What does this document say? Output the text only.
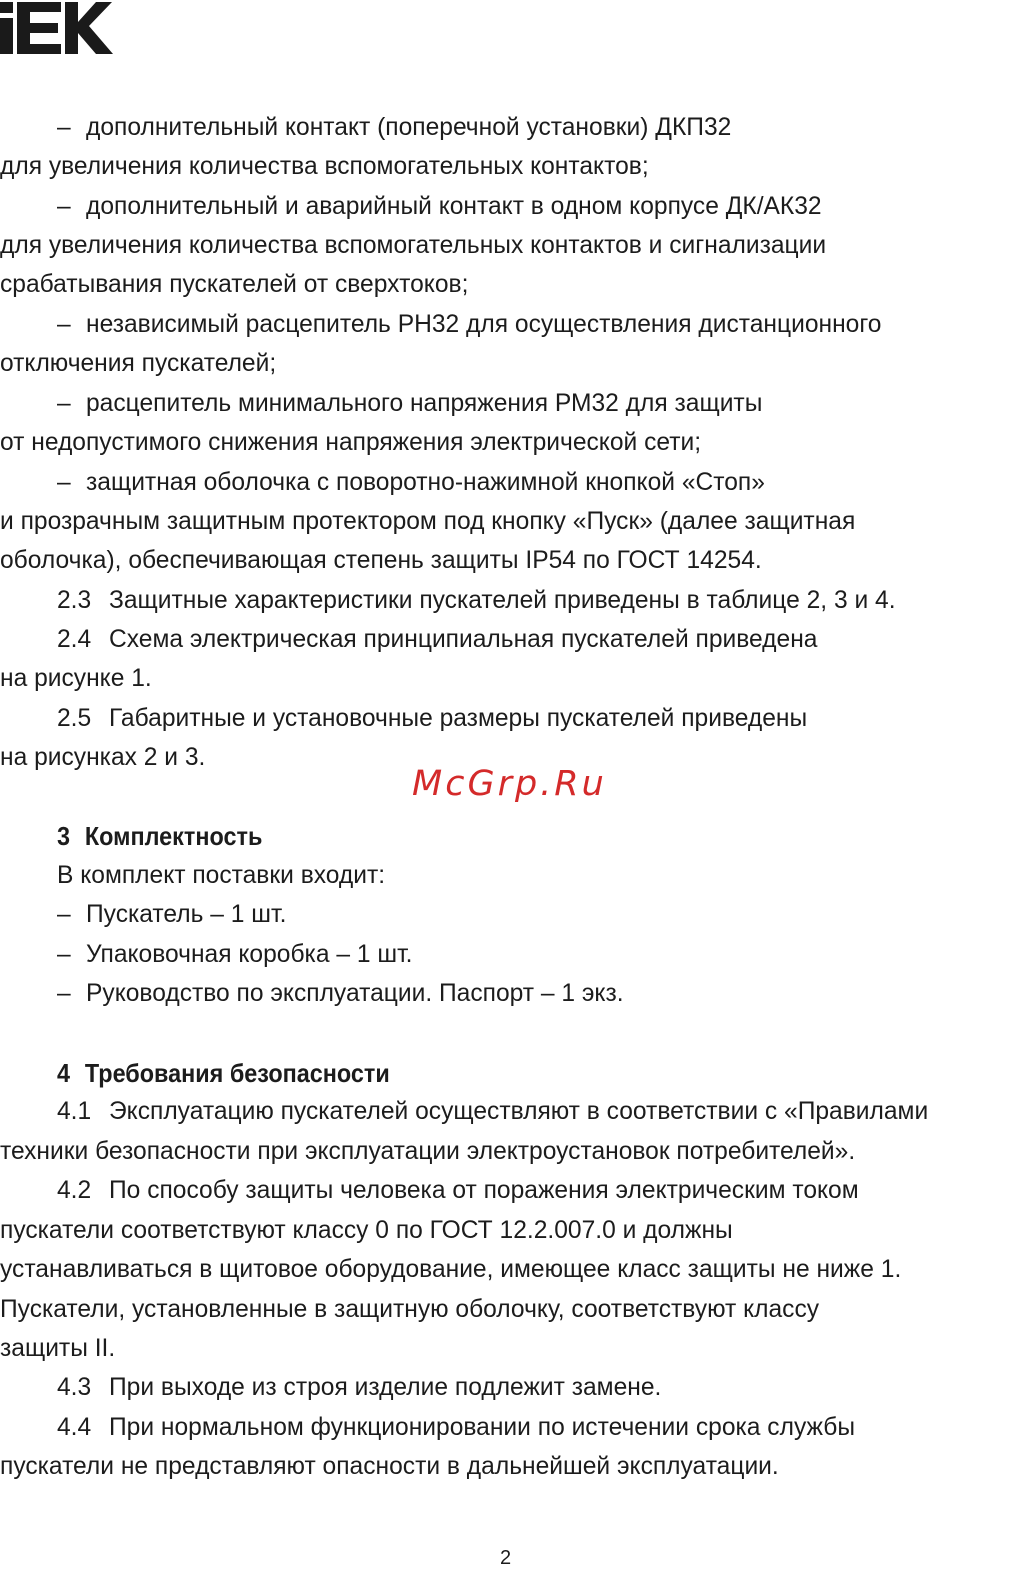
– дополнительный контакт (поперечной установки) ДКП32

для увеличения количества вспомогательных контактов;

– дополнительный и аварийный контакт в одном корпусе ДК/АК32

для увеличения количества вспомогательных контактов и сигнализации

срабатывания пускателей от сверхтоков;

– независимый расцепитель РН32 для осуществления дистанционного

отключения пускателей;

– расцепитель минимального напряжения РМ32 для защиты

от недопустимого снижения напряжения электрической сети;

– защитная оболочка с поворотно-нажимной кнопкой «Стоп»

и прозрачным защитным протектором под кнопку «Пуск» (далее защитная

оболочка), обеспечивающая степень защиты IP54 по ГОСТ 14254.

2.3 Защитные характеристики пускателей приведены в таблице 2, 3 и 4.

2.4 Схема электрическая принципиальная пускателей приведена

на рисунке 1.

2.5 Габаритные и установочные размеры пускателей приведены

на рисунках 2 и 3.

McGrp.Ru
3 Комплектность

В комплект поставки входит:

– Пускатель – 1 шт.

– Упаковочная коробка – 1 шт.

– Руководство по эксплуатации. Паспорт – 1 экз.

4 Требования безопасности

4.1 Эксплуатацию пускателей осуществляют в соответствии с «Правилами

техники безопасности при эксплуатации электроустановок потребителей».

4.2 По способу защиты человека от поражения электрическим током

пускатели соответствуют классу 0 по ГОСТ 12.2.007.0 и должны

устанавливаться в щитовое оборудование, имеющее класс защиты не ниже 1.

Пускатели, установленные в защитную оболочку, соответствуют классу

защиты II.

4.3 При выходе из строя изделие подлежит замене.

4.4 При нормальном функционировании по истечении срока службы

пускатели не представляют опасности в дальнейшей эксплуатации.

2
